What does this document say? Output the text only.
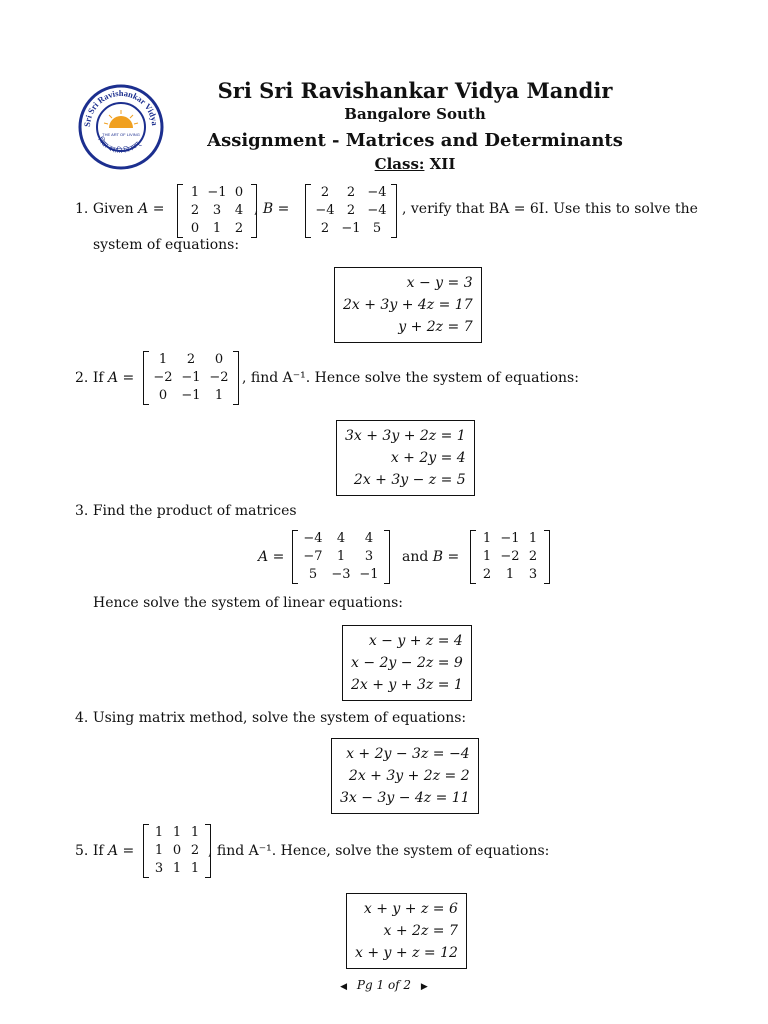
Sri Sri Ravishankar Vidya
THE ART OF LIVING
विद्या ददाति विनयम्
Sri Sri Ravishankar Vidya Mandir
Bangalore South
Assignment - Matrices and Determinants
Class: XII
1. Given A =
1 −1 0
2	3	4
0	1	2
, B =
2	2 −4
−4 2 −4
2 −1 5
, verify that BA = 6I. Use this to solve the
system of equations:
x − y = 3
2x + 3y + 4z = 17
y + 2z = 7
2. If A =
1	2	0
−2 −1 −2
0	−1	1
, find A⁻¹. Hence solve the system of equations:
3x + 3y + 2z = 1
x + 2y = 4
2x + 3y − z = 5
3. Find the product of matrices
A =
−4	4	4
−7	1	3
5	−3 −1
and B =
1 −1 1
1 −2 2
2	1	3
Hence solve the system of linear equations:
x − y + z = 4
x − 2y − 2z = 9
2x + y + 3z = 1
4. Using matrix method, solve the system of equations:
x + 2y − 3z = −4
2x + 3y + 2z = 2
3x − 3y − 4z = 11
5. If A =
1 1 1
1 0 2
3 1 1
, find A⁻¹. Hence, solve the system of equations:
x + y + z = 6
x + 2z = 7
x + y + z = 12
◀ Pg 1 of 2 ▶
